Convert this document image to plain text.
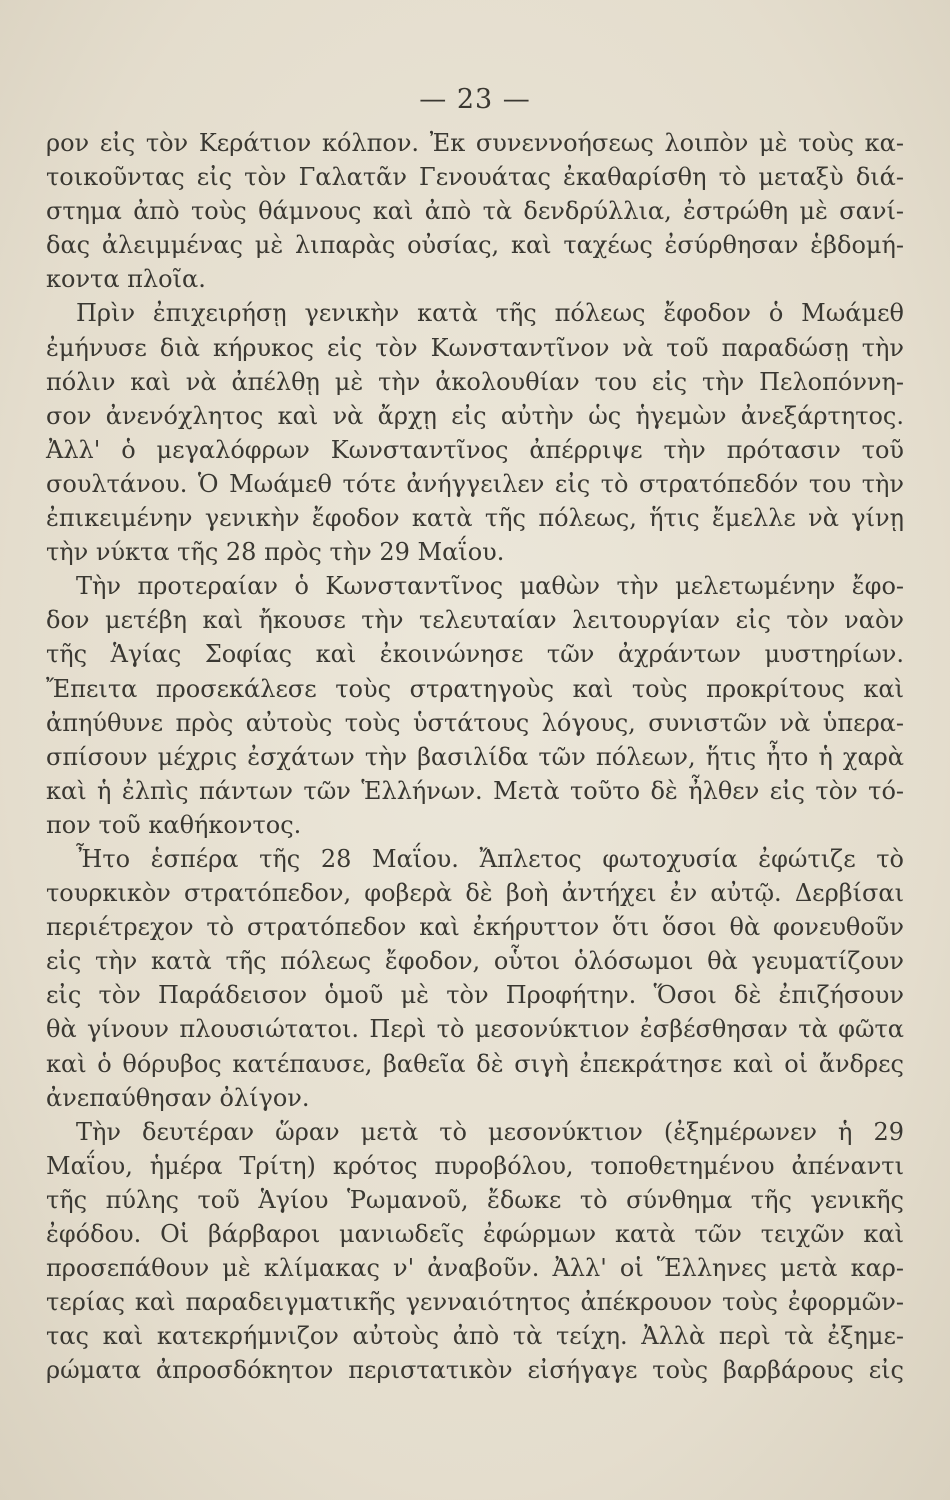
— 23 —
ρον εἰς τὸν Κεράτιον κόλπον. Ἐκ συνεννοήσεως λοιπὸν μὲ τοὺς κα-
τοικοῦντας εἰς τὸν Γαλατᾶν Γενουάτας ἐκαθαρίσθη τὸ μεταξὺ διά-
στημα ἀπὸ τοὺς θάμνους καὶ ἀπὸ τὰ δενδρύλλια, ἐστρώθη μὲ σανί-
δας ἀλειμμένας μὲ λιπαρὰς οὐσίας, καὶ ταχέως ἐσύρθησαν ἑβδομή-
κοντα πλοῖα.
Πρὶν ἐπιχειρήσῃ γενικὴν κατὰ τῆς πόλεως ἔφοδον ὁ Μωάμεθ
ἐμήνυσε διὰ κήρυκος εἰς τὸν Κωνσταντῖνον νὰ τοῦ παραδώσῃ τὴν
πόλιν καὶ νὰ ἀπέλθῃ μὲ τὴν ἀκολουθίαν του εἰς τὴν Πελοπόννη-
σον ἀνενόχλητος καὶ νὰ ἄρχῃ εἰς αὐτὴν ὡς ἡγεμὼν ἀνεξάρτητος.
Ἀλλ' ὁ μεγαλόφρων Κωνσταντῖνος ἀπέρριψε τὴν πρότασιν τοῦ
σουλτάνου. Ὁ Μωάμεθ τότε ἀνήγγειλεν εἰς τὸ στρατόπεδόν του τὴν
ἐπικειμένην γενικὴν ἔφοδον κατὰ τῆς πόλεως, ἥτις ἔμελλε νὰ γίνῃ
τὴν νύκτα τῆς 28 πρὸς τὴν 29 Μαΐου.
Τὴν προτεραίαν ὁ Κωνσταντῖνος μαθὼν τὴν μελετωμένην ἔφο-
δον μετέβη καὶ ἤκουσε τὴν τελευταίαν λειτουργίαν εἰς τὸν ναὸν
τῆς Ἁγίας Σοφίας καὶ ἐκοινώνησε τῶν ἀχράντων μυστηρίων.
Ἔπειτα προσεκάλεσε τοὺς στρατηγοὺς καὶ τοὺς προκρίτους καὶ
ἀπηύθυνε πρὸς αὐτοὺς τοὺς ὑστάτους λόγους, συνιστῶν νὰ ὑπερα-
σπίσουν μέχρις ἐσχάτων τὴν βασιλίδα τῶν πόλεων, ἥτις ἦτο ἡ χαρὰ
καὶ ἡ ἐλπὶς πάντων τῶν Ἑλλήνων. Μετὰ τοῦτο δὲ ἦλθεν εἰς τὸν τό-
πον τοῦ καθήκοντος.
Ἦτο ἑσπέρα τῆς 28 Μαΐου. Ἄπλετος φωτοχυσία ἐφώτιζε τὸ
τουρκικὸν στρατόπεδον, φοβερὰ δὲ βοὴ ἀντήχει ἐν αὐτῷ. Δερβίσαι
περιέτρεχον τὸ στρατόπεδον καὶ ἐκήρυττον ὅτι ὅσοι θὰ φονευθοῦν
εἰς τὴν κατὰ τῆς πόλεως ἔφοδον, οὗτοι ὁλόσωμοι θὰ γευματίζουν
εἰς τὸν Παράδεισον ὁμοῦ μὲ τὸν Προφήτην. Ὅσοι δὲ ἐπιζήσουν
θὰ γίνουν πλουσιώτατοι. Περὶ τὸ μεσονύκτιον ἐσβέσθησαν τὰ φῶτα
καὶ ὁ θόρυβος κατέπαυσε, βαθεῖα δὲ σιγὴ ἐπεκράτησε καὶ οἱ ἄνδρες
ἀνεπαύθησαν ὀλίγον.
Τὴν δευτέραν ὥραν μετὰ τὸ μεσονύκτιον (ἐξημέρωνεν ἡ 29
Μαΐου, ἡμέρα Τρίτη) κρότος πυροβόλου, τοποθετημένου ἀπέναντι
τῆς πύλης τοῦ Ἁγίου Ῥωμανοῦ, ἔδωκε τὸ σύνθημα τῆς γενικῆς
ἐφόδου. Οἱ βάρβαροι μανιωδεῖς ἐφώρμων κατὰ τῶν τειχῶν καὶ
προσεπάθουν μὲ κλίμακας ν' ἀναβοῦν. Ἀλλ' οἱ Ἕλληνες μετὰ καρ-
τερίας καὶ παραδειγματικῆς γενναιότητος ἀπέκρουον τοὺς ἐφορμῶν-
τας καὶ κατεκρήμνιζον αὐτοὺς ἀπὸ τὰ τείχη. Ἀλλὰ περὶ τὰ ἐξημε-
ρώματα ἀπροσδόκητον περιστατικὸν εἰσήγαγε τοὺς βαρβάρους εἰς
